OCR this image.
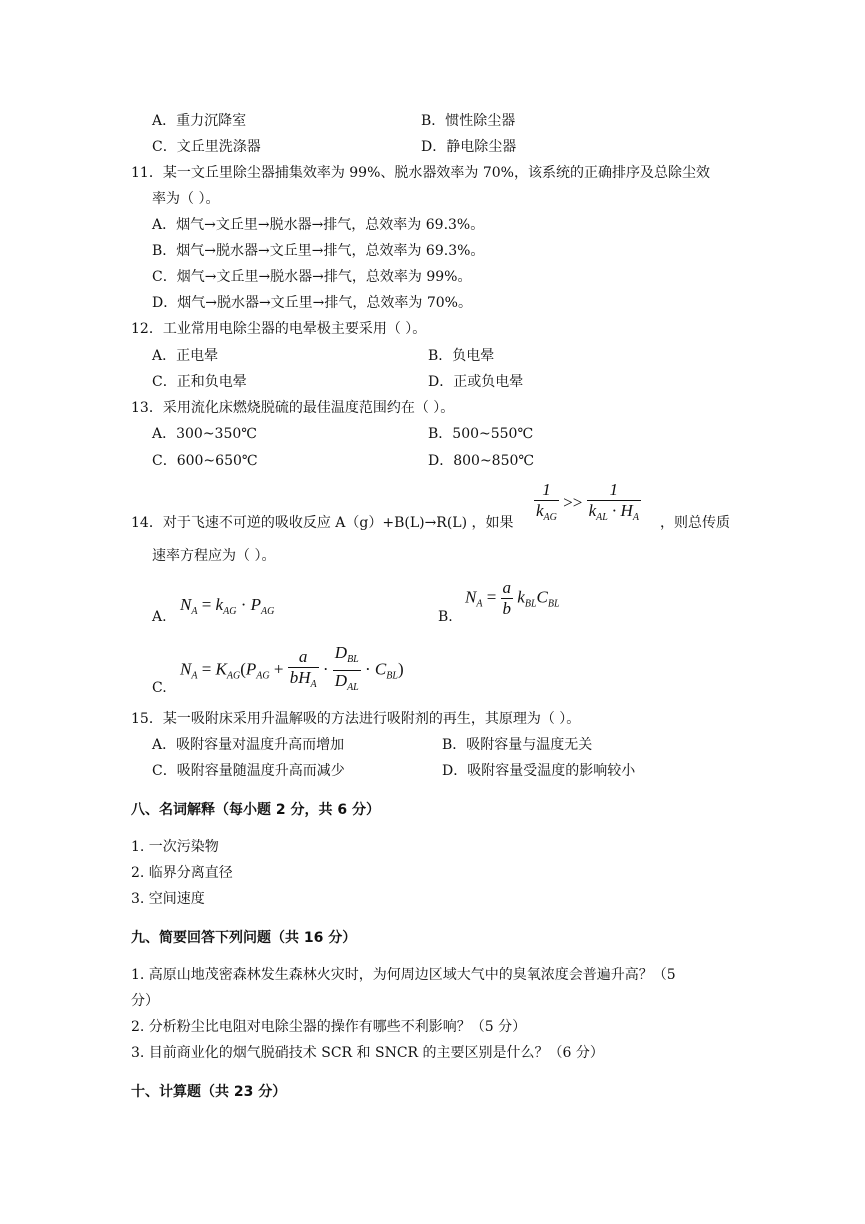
A．重力沉降室	B．惯性除尘器
C．文丘里洗涤器	D．静电除尘器
11．某一文丘里除尘器捕集效率为 99%、脱水器效率为 70%，该系统的正确排序及总除尘效
率为（ ）。
A．烟气→文丘里→脱水器→排气，总效率为 69.3%。
B．烟气→脱水器→文丘里→排气，总效率为 69.3%。
C．烟气→文丘里→脱水器→排气，总效率为 99%。
D．烟气→脱水器→文丘里→排气，总效率为 70%。
12．工业常用电除尘器的电晕极主要采用（ ）。
A．正电晕	B．负电晕
C．正和负电晕	D．正或负电晕
13．采用流化床燃烧脱硫的最佳温度范围约在（ ）。
A．300~350℃	B．500~550℃
C．600~650℃	D．800~850℃
14．对于飞速不可逆的吸收反应 A（g）+B(L)→R(L) ，如果 $\frac{1}{k_{AG}} >> \frac{1}{k_{AL} \cdot H_A}$ ，则总传质
速率方程应为（ ）。
A.
$N_A = k_{AG} \cdot P_{AG}$	B.
$N_A = \frac{a}{b} k_{BL}C_{BL}$
C.
$N_A = K_{AG}(P_{AG} + \frac{a}{bH_A} \cdot \frac{D_{BL}}{D_{AL}} \cdot C_{BL})$
15．某一吸附床采用升温解吸的方法进行吸附剂的再生，其原理为（ ）。
A．吸附容量对温度升高而增加	B．吸附容量与温度无关
C．吸附容量随温度升高而减少	D．吸附容量受温度的影响较小
八、名词解释（每小题 2 分，共 6 分）
1. 一次污染物
2. 临界分离直径
3. 空间速度
九、简要回答下列问题（共 16 分）
1. 高原山地茂密森林发生森林火灾时，为何周边区域大气中的臭氧浓度会普遍升高？（5
分）
2. 分析粉尘比电阻对电除尘器的操作有哪些不利影响？（5 分）
3. 目前商业化的烟气脱硝技术 SCR 和 SNCR 的主要区别是什么？（6 分）
十、计算题（共 23 分）
